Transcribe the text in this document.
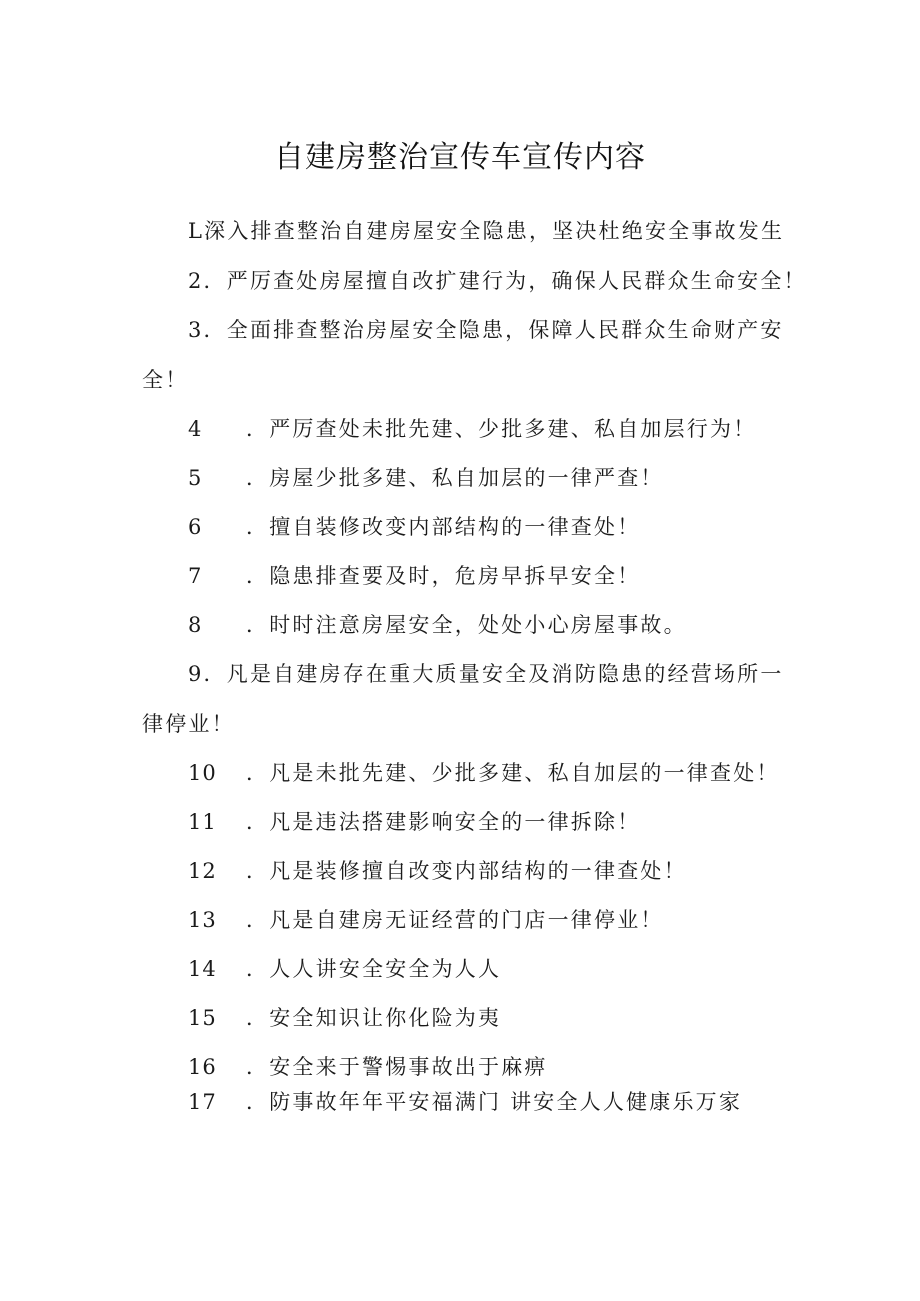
自建房整治宣传车宣传内容
L深入排查整治自建房屋安全隐患，坚决杜绝安全事故发生
2．严厉查处房屋擅自改扩建行为，确保人民群众生命安全！
3．全面排查整治房屋安全隐患，保障人民群众生命财产安
全！
4 ．严厉查处未批先建、少批多建、私自加层行为！
5 ．房屋少批多建、私自加层的一律严查！
6 ．擅自装修改变内部结构的一律查处！
7 ．隐患排查要及时，危房早拆早安全！
8 ．时时注意房屋安全，处处小心房屋事故。
9．凡是自建房存在重大质量安全及消防隐患的经营场所一
律停业！
10 ．凡是未批先建、少批多建、私自加层的一律查处！
11 ．凡是违法搭建影响安全的一律拆除！
12 ．凡是装修擅自改变内部结构的一律查处！
13 ．凡是自建房无证经营的门店一律停业！
14 ．人人讲安全安全为人人
15 ．安全知识让你化险为夷
16 ．安全来于警惕事故出于麻痹
17 ．防事故年年平安福满门 讲安全人人健康乐万家
